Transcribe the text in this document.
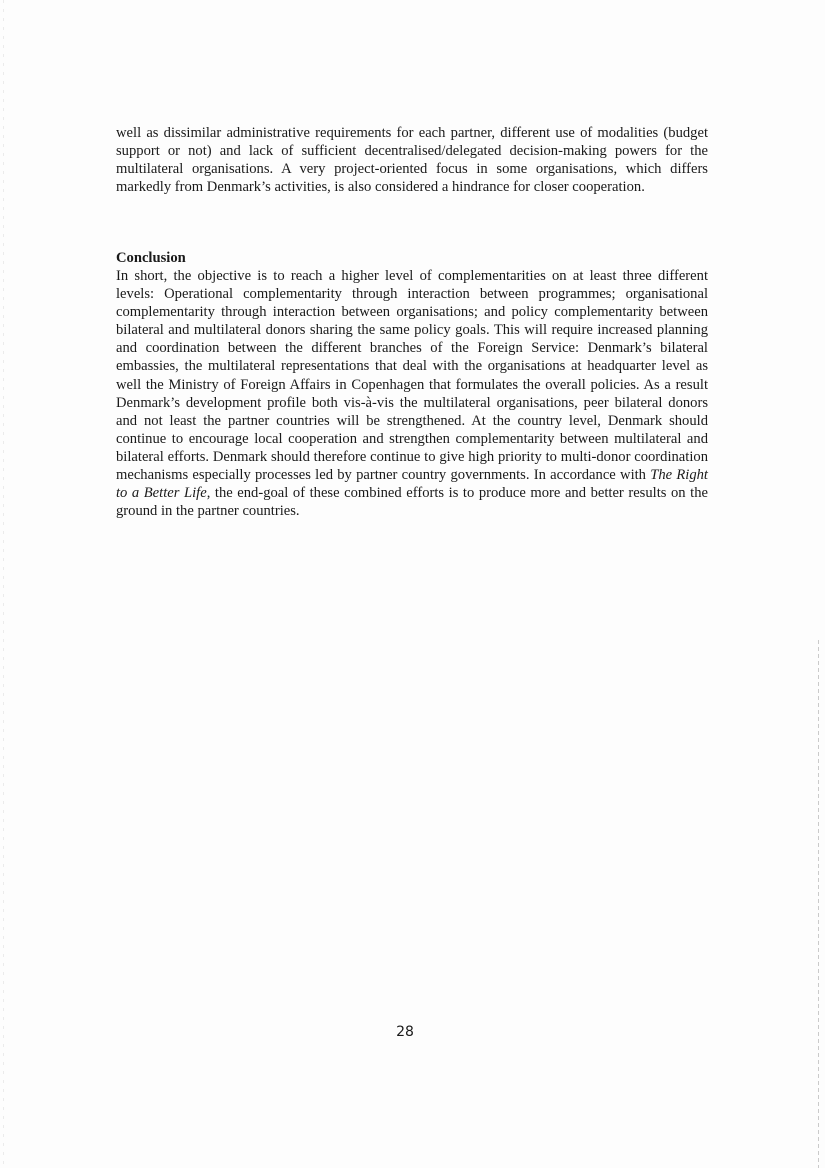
well as dissimilar administrative requirements for each partner, different use of modalities (budget support or not) and lack of sufficient decentralised/delegated decision-making powers for the multilateral organisations. A very project-oriented focus in some organisations, which differs markedly from Denmark’s activities, is also considered a hindrance for closer cooperation.

Conclusion

In short, the objective is to reach a higher level of complementarities on at least three different levels: Operational complementarity through interaction between programmes; organisational complementarity through interaction between organisations; and policy complementarity between bilateral and multilateral donors sharing the same policy goals. This will require increased planning and coordination between the different branches of the Foreign Service: Denmark’s bilateral embassies, the multilateral representations that deal with the organisations at headquarter level as well the Ministry of Foreign Affairs in Copenhagen that formulates the overall policies. As a result Denmark’s development profile both vis-à-vis the multilateral organisations, peer bilateral donors and not least the partner countries will be strengthened. At the country level, Denmark should continue to encourage local cooperation and strengthen complementarity between multilateral and bilateral efforts. Denmark should therefore continue to give high priority to multi-donor coordination mechanisms especially processes led by partner country governments. In accordance with The Right to a Better Life, the end-goal of these combined efforts is to produce more and better results on the ground in the partner countries.

28
